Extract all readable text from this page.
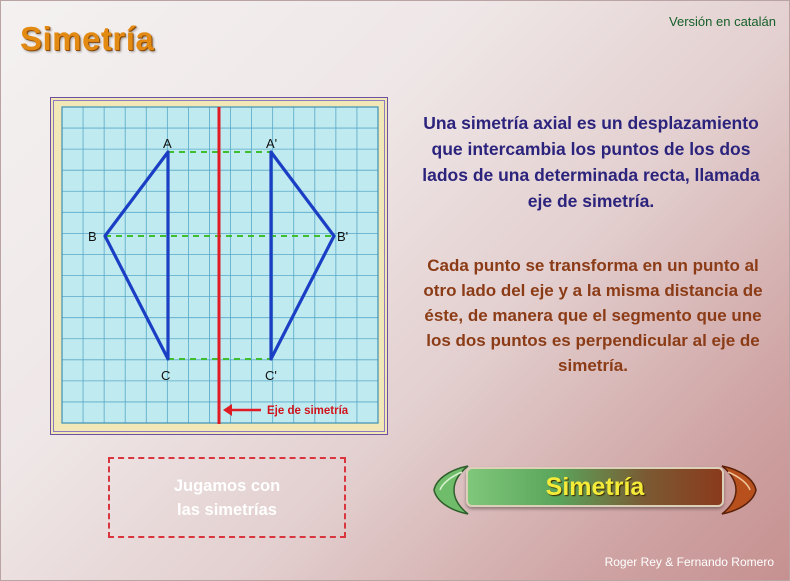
Simetría	Versión en catalán
A
B
C
A'
B'
C'
Eje de simetría

Una simetría axial es un desplazamiento que intercambia los puntos de los dos lados de una determinada recta, llamada eje de simetría.

Cada punto se transforma en un punto al otro lado del eje y a la misma distancia de éste, de manera que el segmento que une los dos puntos es perpendicular al eje de simetría.

Jugamos con
las simetrías
Simetría
Roger Rey & Fernando Romero
